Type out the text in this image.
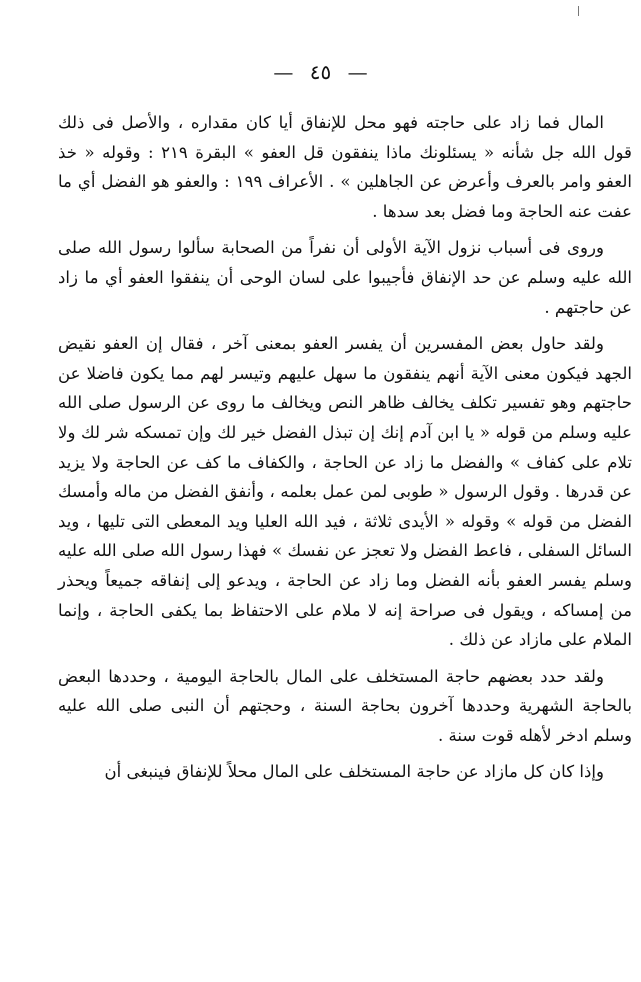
— ٤٥ —

المال فما زاد على حاجته فهو محل للإنفاق أيا كان مقداره ، والأصل فى ذلك قول الله جل شأنه « يسئلونك ماذا ينفقون قل العفو » البقرة ٢١٩ : وقوله « خذ العفو وامر بالعرف وأعرض عن الجاهلين » . الأعراف ١٩٩ : والعفو هو الفضل أي ما عفت عنه الحاجة وما فضل بعد سدها .

وروى فى أسباب نزول الآية الأولى أن نفراً من الصحابة سألوا رسول الله صلى الله عليه وسلم عن حد الإنفاق فأجيبوا على لسان الوحى أن ينفقوا العفو أي ما زاد عن حاجتهم .

ولقد حاول بعض المفسرين أن يفسر العفو بمعنى آخر ، فقال إن العفو نقيض الجهد فيكون معنى الآية أنهم ينفقون ما سهل عليهم وتيسر لهم مما يكون فاضلا عن حاجتهم وهو تفسير تكلف يخالف ظاهر النص ويخالف ما روى عن الرسول صلى الله عليه وسلم من قوله « يا ابن آدم إنك إن تبذل الفضل خير لك وإن تمسكه شر لك ولا تلام على كفاف » والفضل ما زاد عن الحاجة ، والكفاف ما كف عن الحاجة ولا يزيد عن قدرها . وقول الرسول « طوبى لمن عمل بعلمه ، وأنفق الفضل من ماله وأمسك الفضل من قوله » وقوله « الأيدى ثلاثة ، فيد الله العليا ويد المعطى التى تليها ، ويد السائل السفلى ، فاعط الفضل ولا تعجز عن نفسك » فهذا رسول الله صلى الله عليه وسلم يفسر العفو بأنه الفضل وما زاد عن الحاجة ، ويدعو إلى إنفاقه جميعاً ويحذر من إمساكه ، ويقول فى صراحة إنه لا ملام على الاحتفاظ بما يكفى الحاجة ، وإنما الملام على مازاد عن ذلك .

ولقد حدد بعضهم حاجة المستخلف على المال بالحاجة اليومية ، وحددها البعض بالحاجة الشهرية وحددها آخرون بحاجة السنة ، وحجتهم أن النبى صلى الله عليه وسلم ادخر لأهله قوت سنة .

وإذا كان كل مازاد عن حاجة المستخلف على المال محلاً للإنفاق فينبغى أن
